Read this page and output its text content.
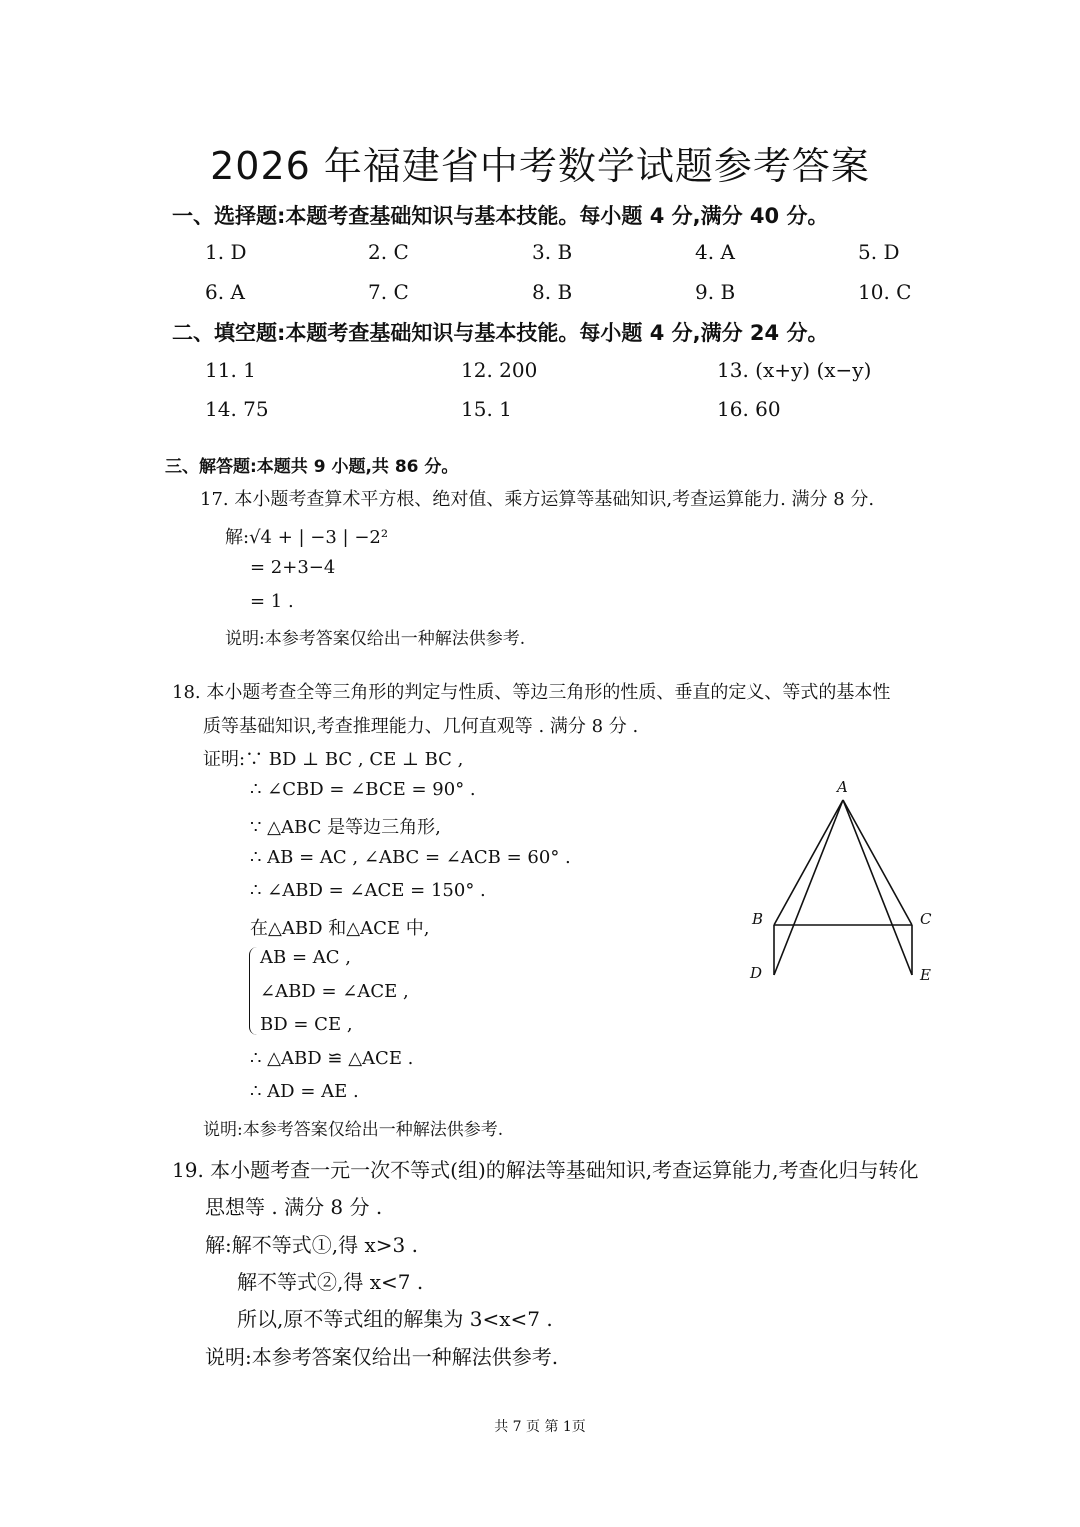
2026 年福建省中考数学试题参考答案
一、选择题:本题考查基础知识与基本技能。每小题 4 分,满分 40 分。
1. D	2. C	3. B	4. A	5. D
6. A	7. C	8. B	9. B	10. C
二、填空题:本题考查基础知识与基本技能。每小题 4 分,满分 24 分。
11. 1	12. 200	13. (x+y) (x−y)
14. 75	15. 1	16. 60
三、解答题:本题共 9 小题,共 86 分。
17. 本小题考查算术平方根、绝对值、乘方运算等基础知识,考查运算能力. 满分 8 分.
解:√4 + | −3 | −2²
= 2+3−4
= 1 .
说明:本参考答案仅给出一种解法供参考.
18. 本小题考查全等三角形的判定与性质、等边三角形的性质、垂直的定义、等式的基本性
质等基础知识,考查推理能力、几何直观等 . 满分 8 分 .
证明:∵ BD ⊥ BC , CE ⊥ BC ,
∴ ∠CBD = ∠BCE = 90° .
∵ △ABC 是等边三角形,
∴ AB = AC , ∠ABC = ∠ACB = 60° .
∴ ∠ABD = ∠ACE = 150° .
在△ABD 和△ACE 中,
AB = AC ,
∠ABD = ∠ACE ,
BD = CE ,
∴ △ABD ≌ △ACE .
∴ AD = AE .
说明:本参考答案仅给出一种解法供参考.
A
B	C
D	E
19. 本小题考查一元一次不等式(组)的解法等基础知识,考查运算能力,考查化归与转化
思想等 . 满分 8 分 .
解:解不等式①,得 x>3 .
解不等式②,得 x<7 .
所以,原不等式组的解集为 3<x<7 .
说明:本参考答案仅给出一种解法供参考.
共 7 页 第 1页
